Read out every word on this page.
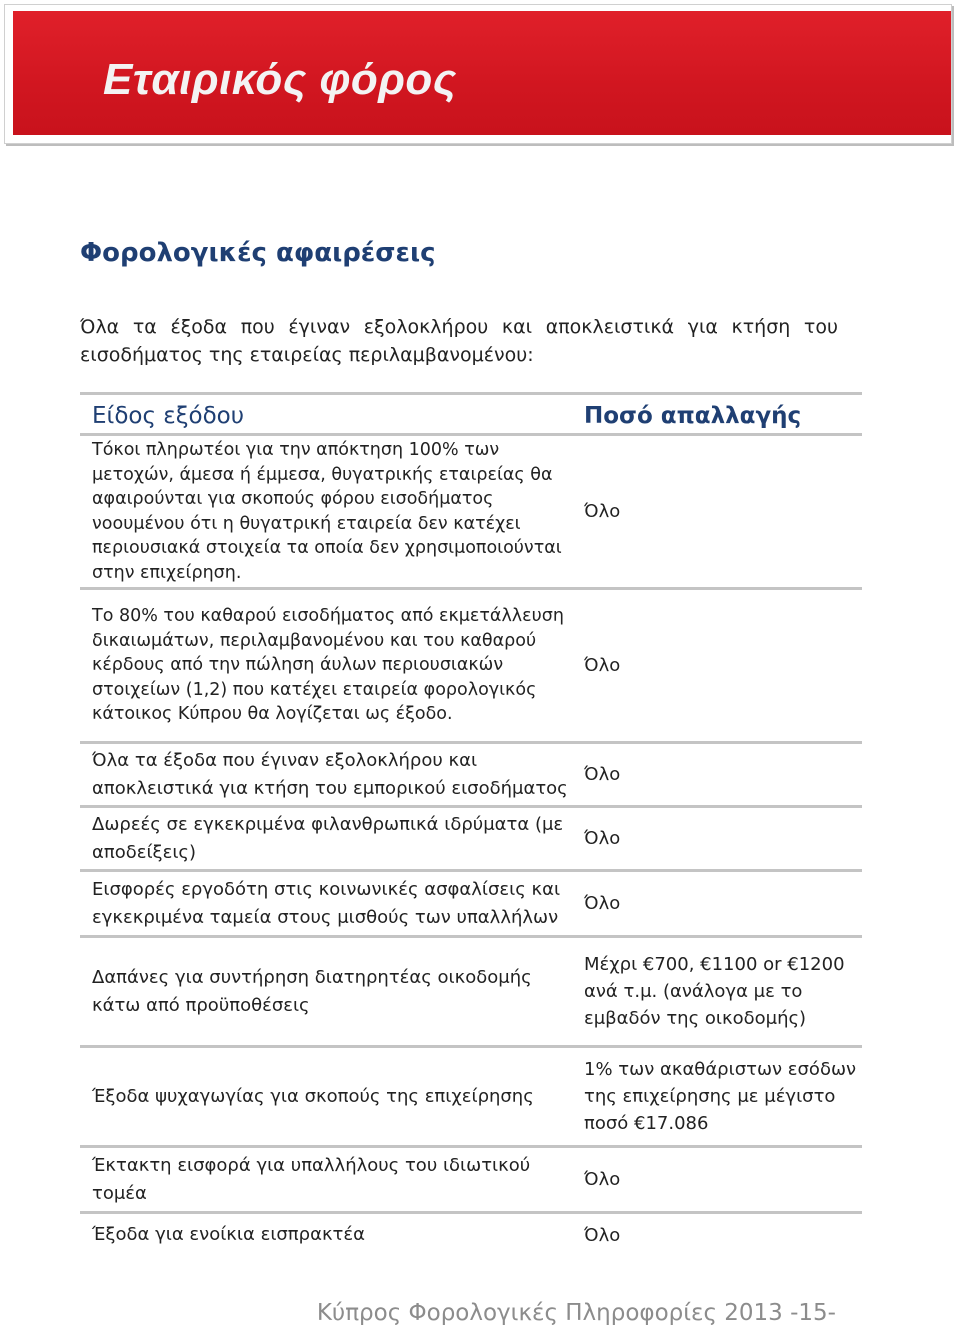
Εταιρικός φόρος
Φορολογικές αφαιρέσεις
Όλα τα έξοδα που έγιναν εξολοκλήρου και αποκλειστικά για κτήση του εισοδήματος της εταιρείας περιλαμβανομένου:
Είδος εξόδου	Ποσό απαλλαγής
Τόκοι πληρωτέοι για την απόκτηση 100% των μετοχών, άμεσα ή έμμεσα, θυγατρικής εταιρείας θα αφαιρούνται για σκοπούς φόρου εισοδήματος νοουμένου ότι η θυγατρική εταιρεία δεν κατέχει περιουσιακά στοιχεία τα οποία δεν χρησιμοποιούνται στην επιχείρηση.	Όλο
Το 80% του καθαρού εισοδήματος από εκμετάλλευση δικαιωμάτων, περιλαμβανομένου και του καθαρού κέρδους από την πώληση άυλων περιουσιακών στοιχείων (1,2) που κατέχει εταιρεία φορολογικός κάτοικος Κύπρου θα λογίζεται ως έξοδο.	Όλο
Όλα τα έξοδα που έγιναν εξολοκλήρου και αποκλειστικά για κτήση του εμπορικού εισοδήματος	Όλο
Δωρεές σε εγκεκριμένα φιλανθρωπικά ιδρύματα (με αποδείξεις)	Όλο
Εισφορές εργοδότη στις κοινωνικές ασφαλίσεις και εγκεκριμένα ταμεία στους μισθούς των υπαλλήλων	Όλο
Δαπάνες για συντήρηση διατηρητέας οικοδομής κάτω από προϋποθέσεις	Μέχρι €700, €1100 or €1200 ανά τ.μ. (ανάλογα με το εμβαδόν της οικοδομής)
Έξοδα ψυχαγωγίας για σκοπούς της επιχείρησης	1% των ακαθάριστων εσόδων της επιχείρησης με μέγιστο ποσό €17.086
Έκτακτη εισφορά για υπαλλήλους του ιδιωτικού τομέα	Όλο
Έξοδα για ενοίκια εισπρακτέα	Όλο
Κύπρος Φορολογικές Πληροφορίες 2013 -15-
